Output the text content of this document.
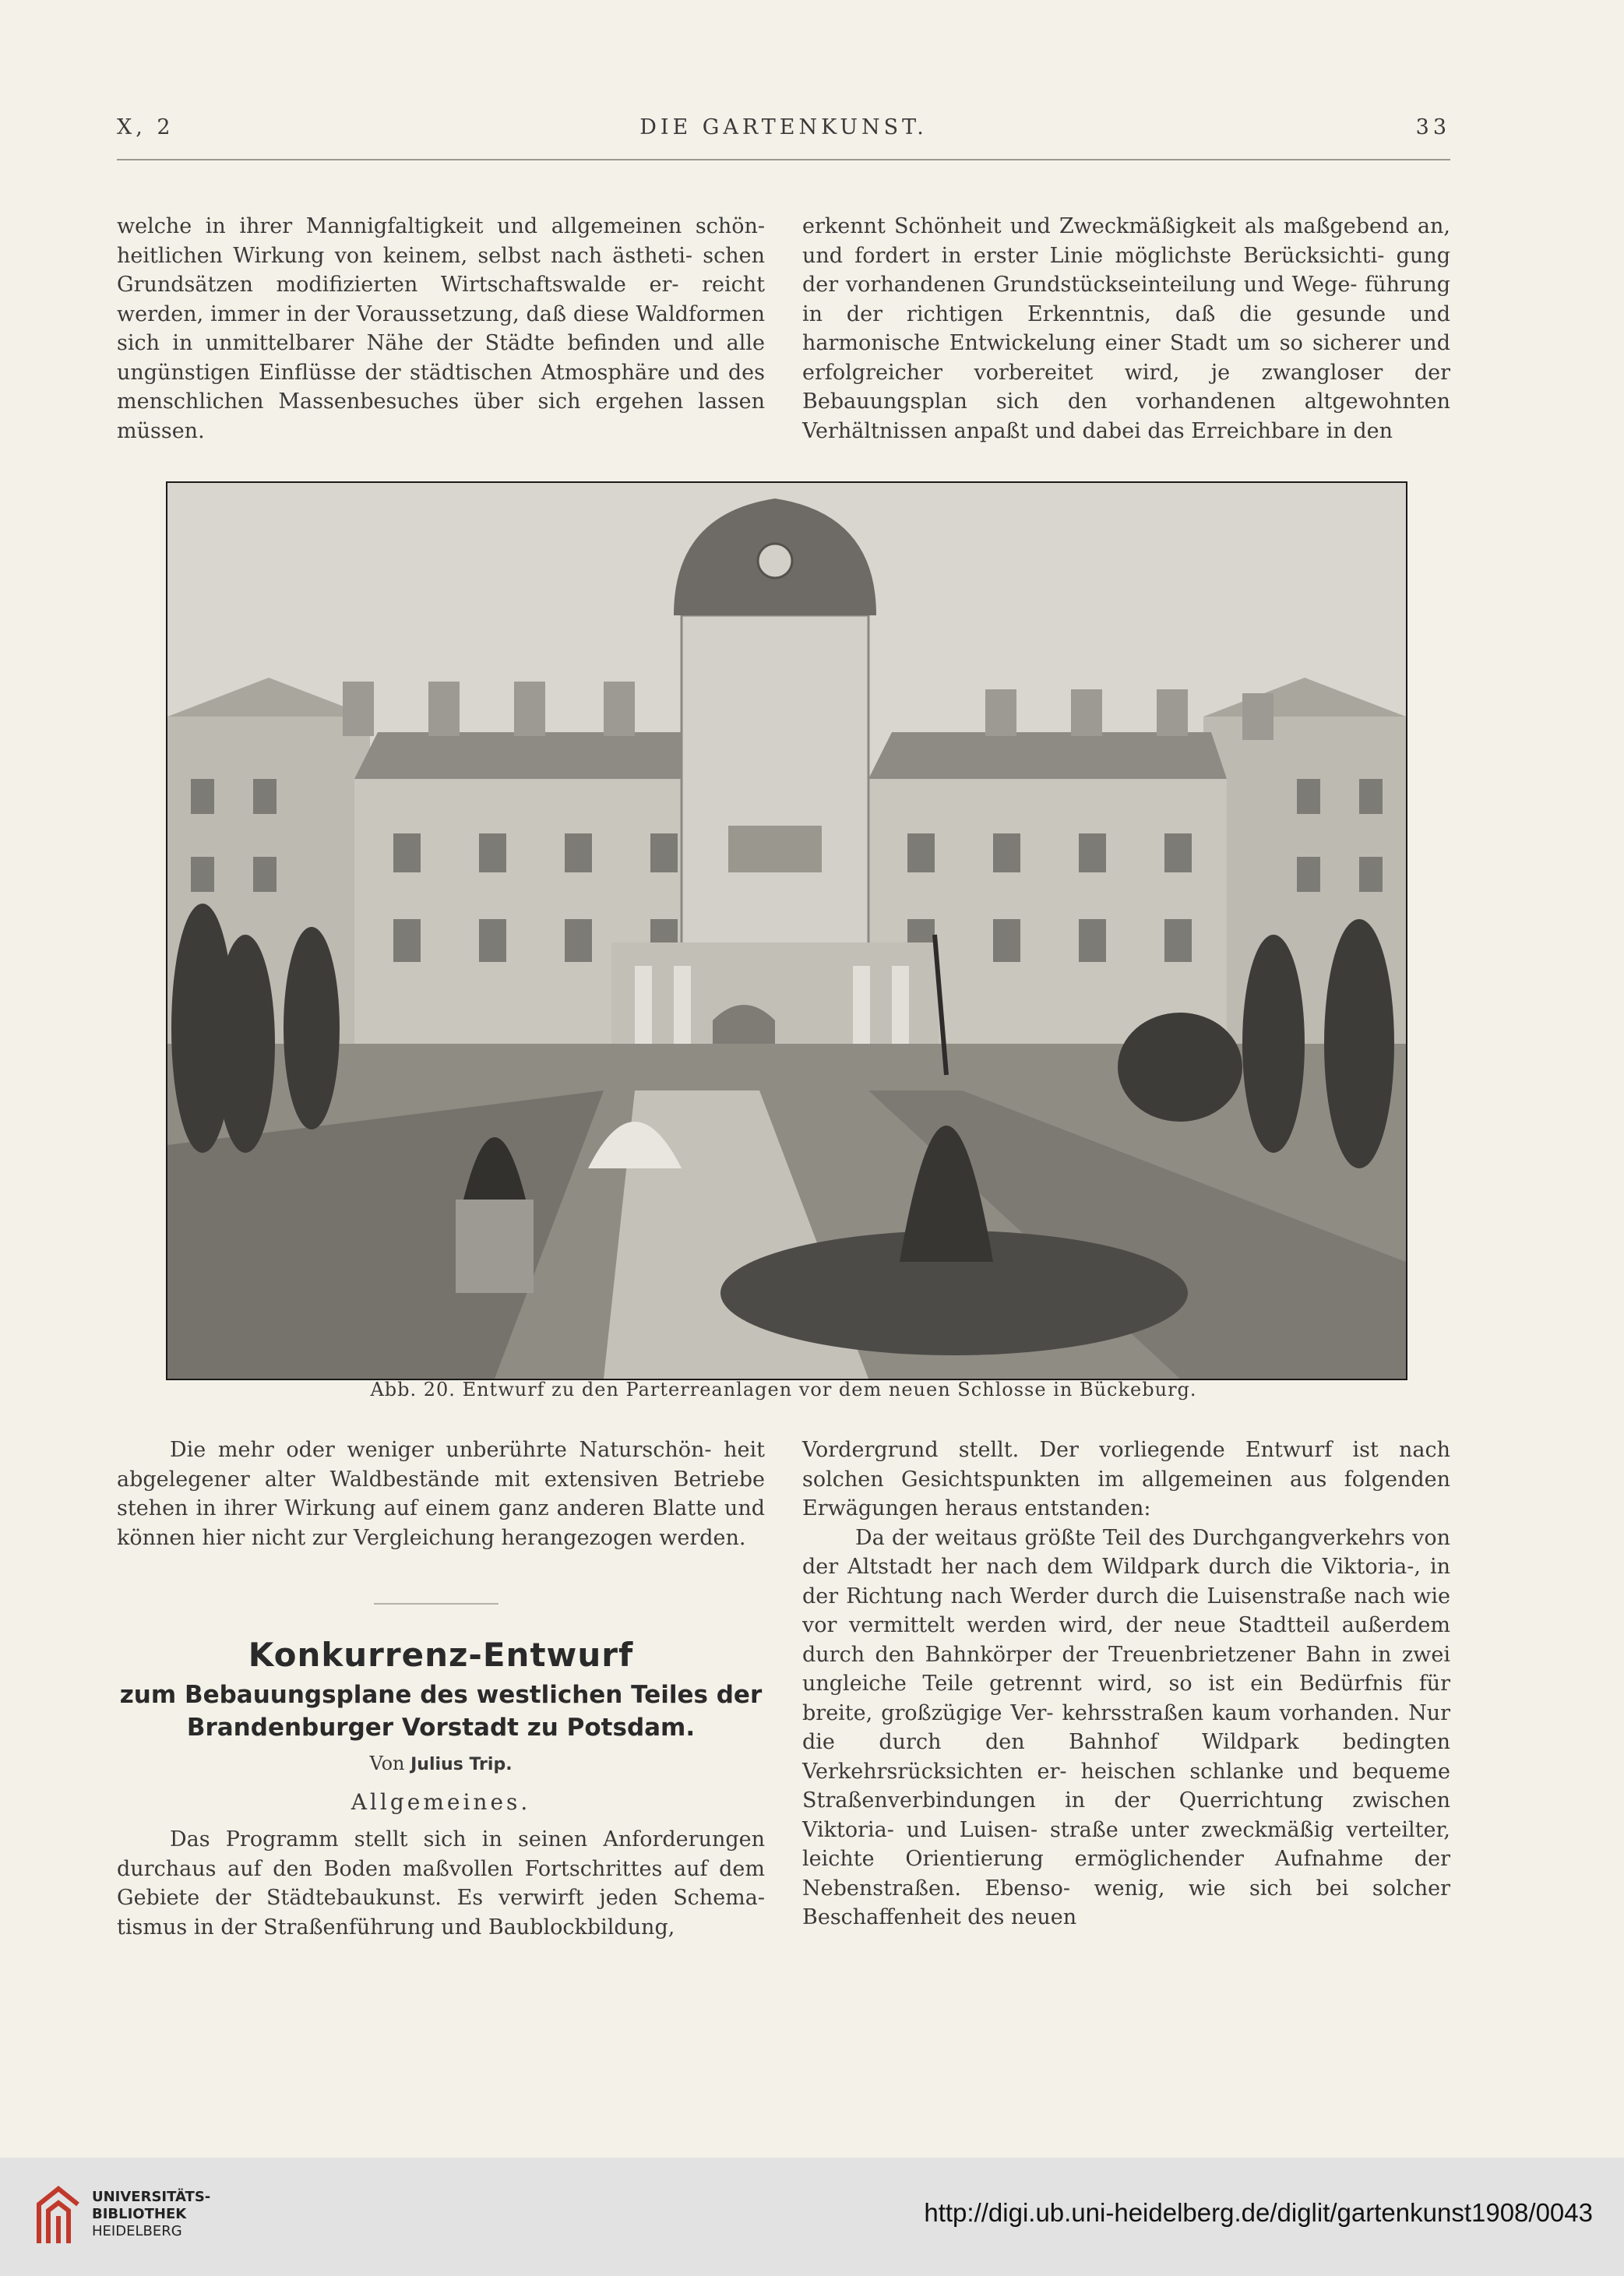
X, 2	DIE GARTENKUNST.	33

welche in ihrer Mannigfaltigkeit und allgemeinen schön- heitlichen Wirkung von keinem, selbst nach ästheti- schen Grundsätzen modifizierten Wirtschaftswalde er- reicht werden, immer in der Voraussetzung, daß diese Waldformen sich in unmittelbarer Nähe der Städte befinden und alle ungünstigen Einflüsse der städtischen Atmosphäre und des menschlichen Massenbesuches über sich ergehen lassen müssen.

erkennt Schönheit und Zweckmäßigkeit als maßgebend an, und fordert in erster Linie möglichste Berücksichti- gung der vorhandenen Grundstückseinteilung und Wege- führung in der richtigen Erkenntnis, daß die gesunde und harmonische Entwickelung einer Stadt um so sicherer und erfolgreicher vorbereitet wird, je zwangloser der Bebauungsplan sich den vorhandenen altgewohnten Verhältnissen anpaßt und dabei das Erreichbare in den

Abb. 20. Entwurf zu den Parterreanlagen vor dem neuen Schlosse in Bückeburg.

Die mehr oder weniger unberührte Naturschön- heit abgelegener alter Waldbestände mit extensiven Betriebe stehen in ihrer Wirkung auf einem ganz anderen Blatte und können hier nicht zur Vergleichung herangezogen werden.

Konkurrenz-Entwurf
zum Bebauungsplane des westlichen Teiles der
Brandenburger Vorstadt zu Potsdam.
Von Julius Trip.
Allgemeines.

Das Programm stellt sich in seinen Anforderungen durchaus auf den Boden maßvollen Fortschrittes auf dem Gebiete der Städtebaukunst. Es verwirft jeden Schema- tismus in der Straßenführung und Baublockbildung,

Vordergrund stellt. Der vorliegende Entwurf ist nach solchen Gesichtspunkten im allgemeinen aus folgenden Erwägungen heraus entstanden:

Da der weitaus größte Teil des Durchgangverkehrs von der Altstadt her nach dem Wildpark durch die Viktoria-, in der Richtung nach Werder durch die Luisenstraße nach wie vor vermittelt werden wird, der neue Stadtteil außerdem durch den Bahnkörper der Treuenbrietzener Bahn in zwei ungleiche Teile getrennt wird, so ist ein Bedürfnis für breite, großzügige Ver- kehrsstraßen kaum vorhanden. Nur die durch den Bahnhof Wildpark bedingten Verkehrsrücksichten er- heischen schlanke und bequeme Straßenverbindungen in der Querrichtung zwischen Viktoria- und Luisen- straße unter zweckmäßig verteilter, leichte Orientierung ermöglichender Aufnahme der Nebenstraßen. Ebenso- wenig, wie sich bei solcher Beschaffenheit des neuen

UNIVERSITÄTS-
BIBLIOTHEK
HEIDELBERG
http://digi.ub.uni-heidelberg.de/diglit/gartenkunst1908/0043
